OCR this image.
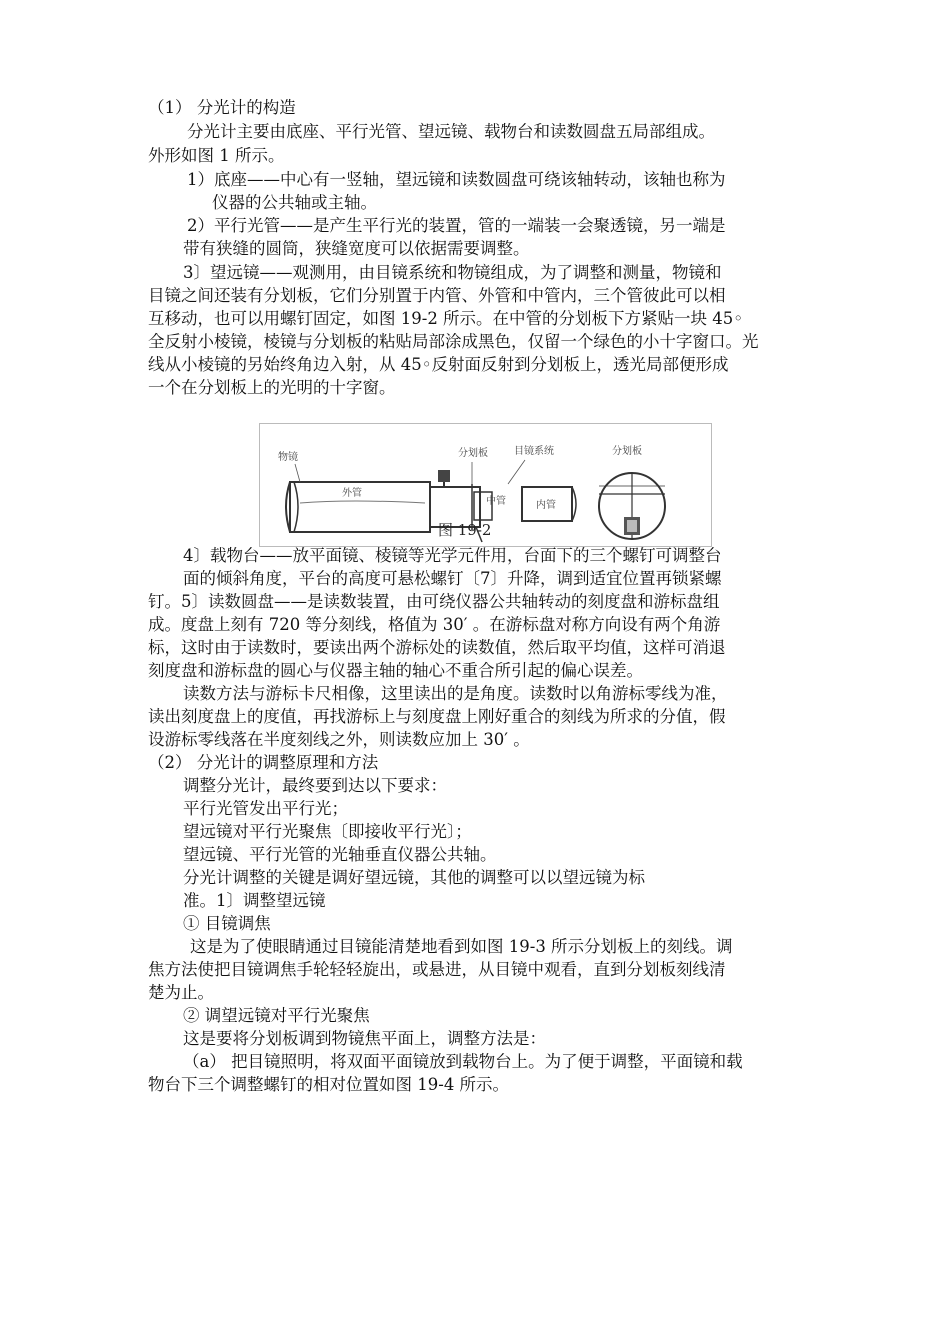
（1） 分光计的构造
分光计主要由底座、平行光管、望远镜、载物台和读数圆盘五局部组成。
外形如图 1 所示。
1）底座——中心有一竖轴，望远镜和读数圆盘可绕该轴转动，该轴也称为
仪器的公共轴或主轴。
2）平行光管——是产生平行光的装置，管的一端装一会聚透镜，另一端是
带有狭缝的圆筒，狭缝宽度可以依据需要调整。
3〕望远镜——观测用，由目镜系统和物镜组成，为了调整和测量，物镜和
目镜之间还装有分划板，它们分别置于内管、外管和中管内，三个管彼此可以相
互移动，也可以用螺钉固定，如图 19-2 所示。在中管的分划板下方紧贴一块 45◦
全反射小棱镜，棱镜与分划板的粘贴局部涂成黑色，仅留一个绿色的小十字窗口。光
线从小棱镜的另始终角边入射，从 45◦反射面反射到分划板上，透光局部便形成
一个在分划板上的光明的十字窗。
物镜
外管
分划板	目镜系统
中管	内管
分划板
图 19-2
4〕载物台——放平面镜、棱镜等光学元件用，台面下的三个螺钉可调整台
面的倾斜角度，平台的高度可悬松螺钉〔7〕升降，调到适宜位置再锁紧螺
钉。5〕读数圆盘——是读数装置，由可绕仪器公共轴转动的刻度盘和游标盘组
成。度盘上刻有 720 等分刻线，格值为 30′ 。在游标盘对称方向设有两个角游
标，这时由于读数时，要读出两个游标处的读数值，然后取平均值，这样可消退
刻度盘和游标盘的圆心与仪器主轴的轴心不重合所引起的偏心误差。
读数方法与游标卡尺相像，这里读出的是角度。读数时以角游标零线为准，
读出刻度盘上的度值，再找游标上与刻度盘上刚好重合的刻线为所求的分值，假
设游标零线落在半度刻线之外，则读数应加上 30′ 。
（2） 分光计的调整原理和方法
调整分光计，最终要到达以下要求：
平行光管发出平行光；
望远镜对平行光聚焦〔即接收平行光〕；
望远镜、平行光管的光轴垂直仪器公共轴。
分光计调整的关键是调好望远镜，其他的调整可以以望远镜为标
准。1〕调整望远镜
① 目镜调焦
这是为了使眼睛通过目镜能清楚地看到如图 19-3 所示分划板上的刻线。调
焦方法使把目镜调焦手轮轻轻旋出，或悬进，从目镜中观看，直到分划板刻线清
楚为止。
② 调望远镜对平行光聚焦
这是要将分划板调到物镜焦平面上，调整方法是：
（a） 把目镜照明，将双面平面镜放到载物台上。为了便于调整，平面镜和载
物台下三个调整螺钉的相对位置如图 19-4 所示。
